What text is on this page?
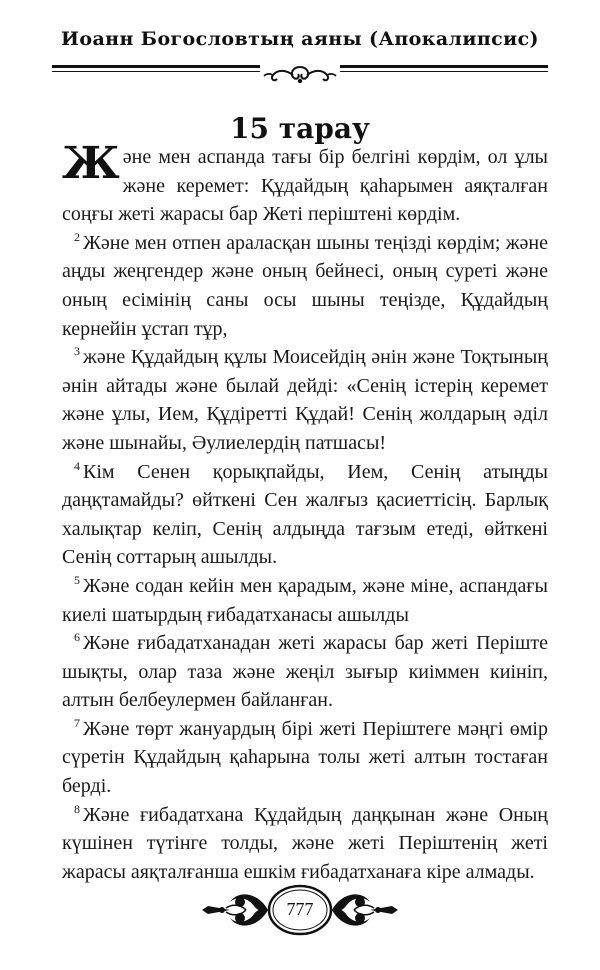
Иоанн Богословтың аяны (Апокалипсис)
15 тарау

Және мен аспанда тағы бір белгіні көрдім, ол ұлы және керемет: Құдайдың қаһарымен аяқталған соңғы жеті жарасы бар Жеті періштені көрдім.

$^2$ Және мен отпен араласқан шыны теңізді көрдім; және аңды жеңгендер және оның бейнесі, оның суреті және оның есімінің саны осы шыны теңізде, Құдайдың кернейін ұстап тұр,

$^3$ және Құдайдың құлы Моисейдің әнін және Тоқтының әнін айтады және былай дейді: «Сенің істерің керемет және ұлы, Ием, Құдіретті Құдай! Сенің жолдарың әділ және шынайы, Әулиелердің патшасы!

$^4$ Кім Сенен қорықпайды, Ием, Сенің атыңды даңқтамайды? өйткені Сен жалғыз қасиеттісің. Барлық халықтар келіп, Сенің алдыңда тағзым етеді, өйткені Сенің соттарың ашылды.

$^5$ Және содан кейін мен қарадым, және міне, аспандағы киелі шатырдың ғибадатханасы ашылды

$^6$ Және ғибадатханадан жеті жарасы бар жеті Періште шықты, олар таза және жеңіл зығыр киіммен киініп, алтын белбеулермен байланған.

$^7$ Және төрт жануардың бірі жеті Періштеге мәңгі өмір сүретін Құдайдың қаһарына толы жеті алтын тостаған берді.

$^8$ Және ғибадатхана Құдайдың даңқынан және Оның күшінен түтінге толды, және жеті Періштенің жеті жарасы аяқталғанша ешкім ғибадатханаға кіре алмады.

777
